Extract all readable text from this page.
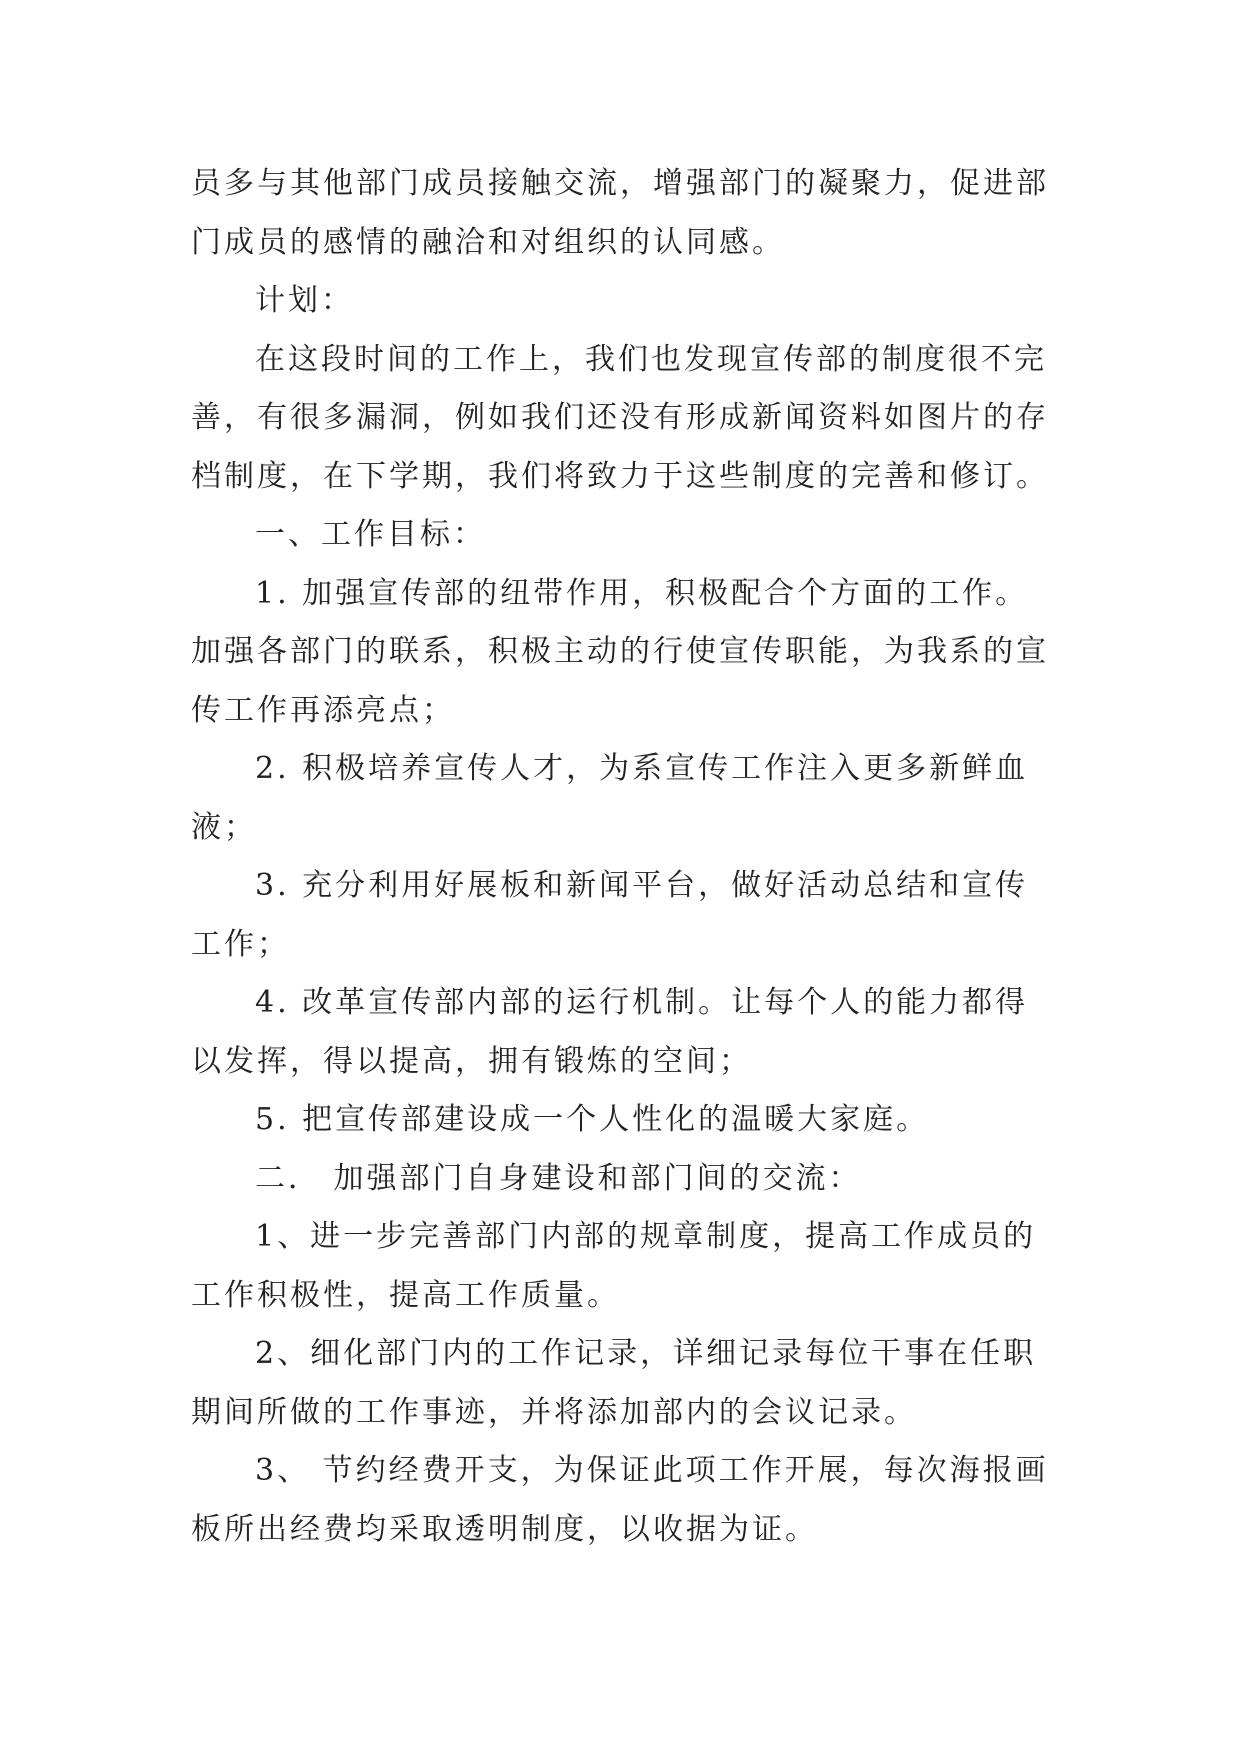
员多与其他部门成员接触交流，增强部门的凝聚力，促进部
门成员的感情的融洽和对组织的认同感。
计划：
在这段时间的工作上，我们也发现宣传部的制度很不完
善，有很多漏洞，例如我们还没有形成新闻资料如图片的存
档制度，在下学期，我们将致力于这些制度的完善和修订。
一、工作目标：
1. 加强宣传部的纽带作用，积极配合个方面的工作。
加强各部门的联系，积极主动的行使宣传职能，为我系的宣
传工作再添亮点；
2. 积极培养宣传人才，为系宣传工作注入更多新鲜血
液；
3. 充分利用好展板和新闻平台，做好活动总结和宣传
工作；
4. 改革宣传部内部的运行机制。让每个人的能力都得
以发挥，得以提高，拥有锻炼的空间；
5. 把宣传部建设成一个人性化的温暖大家庭。
二． 加强部门自身建设和部门间的交流：
1、进一步完善部门内部的规章制度，提高工作成员的
工作积极性，提高工作质量。
2、细化部门内的工作记录，详细记录每位干事在任职
期间所做的工作事迹，并将添加部内的会议记录。
3、 节约经费开支，为保证此项工作开展，每次海报画
板所出经费均采取透明制度，以收据为证。
